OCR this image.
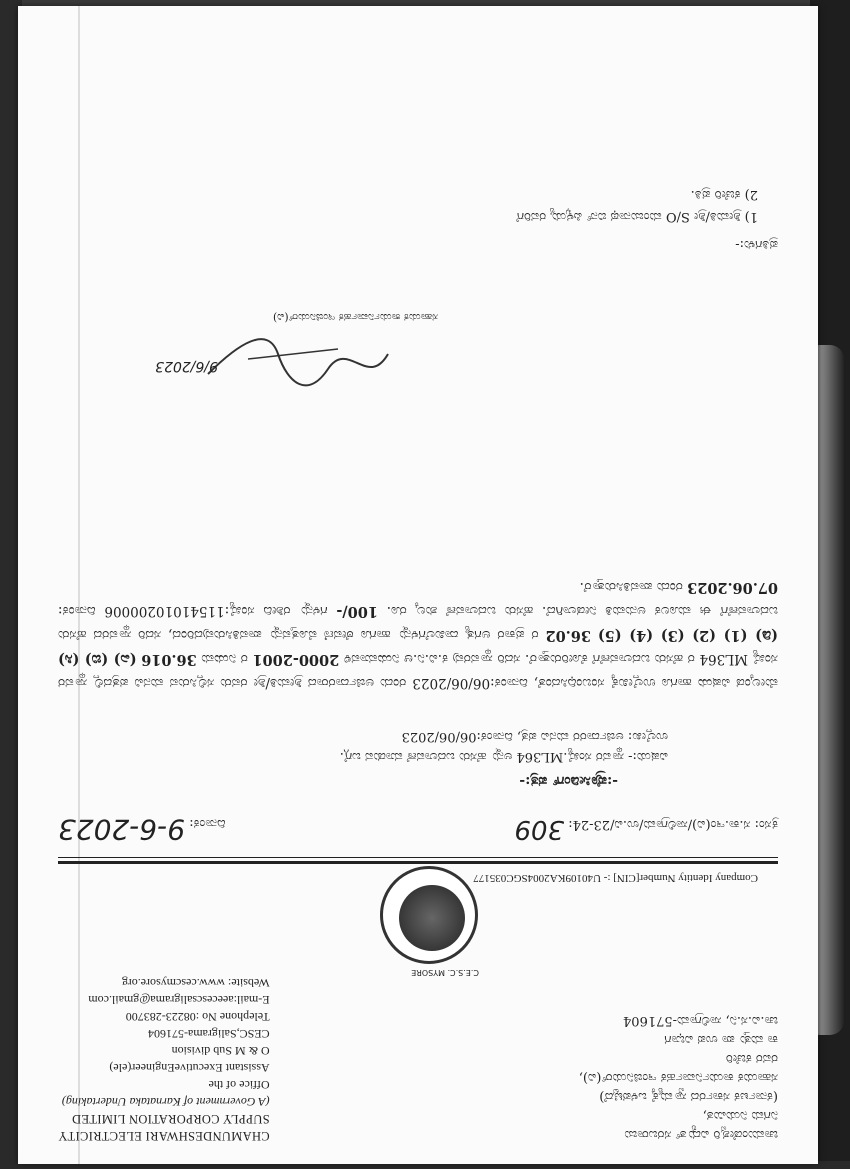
ಚಾಮುಂಡೇಶ್ವರಿ ವಿದ್ಯುತ್ ಸರಬರಾಜು
ನಿಗಮ ನಿಯಮಿತ,
(ಕರ್ನಾಟಕ ಸರ್ಕಾರದ ಸ್ವಾಮ್ಯಕ್ಕೆ ಒಳಪಟ್ಟಿದೆ)
ಸಹಾಯಕ ಕಾರ್ಯನಿರ್ವಾಹಕ ಇಂಜಿನಿಯರ್(ವಿ),
ರವರ ಕಚೇರಿ
ಕಾ ಮತ್ತು ಪಾ ಉಪ ವಿಭಾಗ
ಚಾ.ವಿ.ಸ.ನಿ, ಸಾಲಿಗ್ರಾಮ-571604
CHAMUNDESHWARI ELECTRICITY
SUPPLY CORPORATION LIMITED
(A Government of Karnataka Undertaking)
Office of the
Assistant ExecutiveEngineer(ele)
O & M Sub division
CESC,Saligrama-571604
Telephone No :08223-283700
E-mail:aeecescsaligrama@gmail.com
Website: www.cescmysore.org
C.E.S.C. MYSORE
Company Identity Number[CIN] :- U40109KA2004SGC035177
ಕ್ರಸಂ: ಸ.ಕಾ.ಇಂ(ವಿ)/ಸಾಲಿಗ್ರಾಮ/ಉ.ವಿ/23-24: 309
ದಿನಾಂಕ: 9-6-2023
-:ಪ್ರೊಸೀಡಿಂಗ್ ಪತ್ರ:-
ವಿಷಯ:- ಸ್ಥಾವರ ಸಂಖ್ಯೆ.ML364 ಅನ್ನು ಹೆಸರು ಬದಲಾವಣೆ ಮಾಡುವ ಬಗ್ಗೆ.
ಉಲ್ಲೇಖ: ಅರ್ಜಿದಾರರ ಮನವಿ ಪತ್ರ, ದಿನಾಂಕ:06/06/2023
ಮೇಲ್ಕಂಡ ವಿಷಯ ಹಾಗೂ ಉಲ್ಲೇಖಕ್ಕೆ ಸಂಬಂಧಿಸಿದಂತೆ, ದಿನಾಂಕ:06/06/2023 ರಂದು ಅರ್ಜಿದಾರರಾದ ಶ್ರೀಮತಿ/ಶ್ರೀ ರವರು ಸಲ್ಲಿಸಿರುವ ಮನವಿ ಪತ್ರದಲ್ಲಿ ಸ್ಥಾವರ ಸಂಖ್ಯೆ ML364 ರ ಹೆಸರು ಬದಲಾವಣೆಗೆ ಕೋರಿರುತ್ತಾರೆ. ಸದರಿ ಸ್ಥಾವರವು ಕ.ವಿ.ನಿ.ಆ ನಿಯಮಾವಳಿ 2000-2001 ರ ನಿಯಮ 36.016 (ಎ) (ಬಿ) (ಸಿ) (ಡಿ) (1) (2) (3) (4) (5) 36.02 ರ ಪ್ರಕಾರ ಅಗತ್ಯ ದಾಖಲೆಗಳನ್ನು ಹಾಗೂ ಠೇವಣಿ ಮೊತ್ತವನ್ನು ಪಾವತಿಸಿರುವುದರಿಂದ, ಸದರಿ ಸ್ಥಾವರದ ಹೆಸರು ಬದಲಾವಣೆಗೆ ಈ ಮೂಲಕ ಅನುಮತಿ ನೀಡಲಾಗಿದೆ. ಹೆಸರು ಬದಲಾವಣೆ ಶುಲ್ಕ ರೂ. 100/- ಗಳನ್ನು ರಶೀದಿ ಸಂಖ್ಯೆ:11541010200006 ದಿನಾಂಕ: 07.06.2023 ರಂದು ಪಾವತಿಸಿರುತ್ತಾರೆ.
9/6/2023
ಸಹಾಯಕ ಕಾರ್ಯನಿರ್ವಾಹಕ ಇಂಜಿನಿಯರ್(ವಿ)
ಪ್ರತಿಗಳು:-
1) ಶ್ರೀಮತಿ/ಶ್ರೀ S/O ಮಂಜುನಾಥ ಬಿನ್ ಪಿಳ್ಳಯ್ಯ ರವರಿಗೆ
2) ಕಚೇರಿ ಪ್ರತಿ.
